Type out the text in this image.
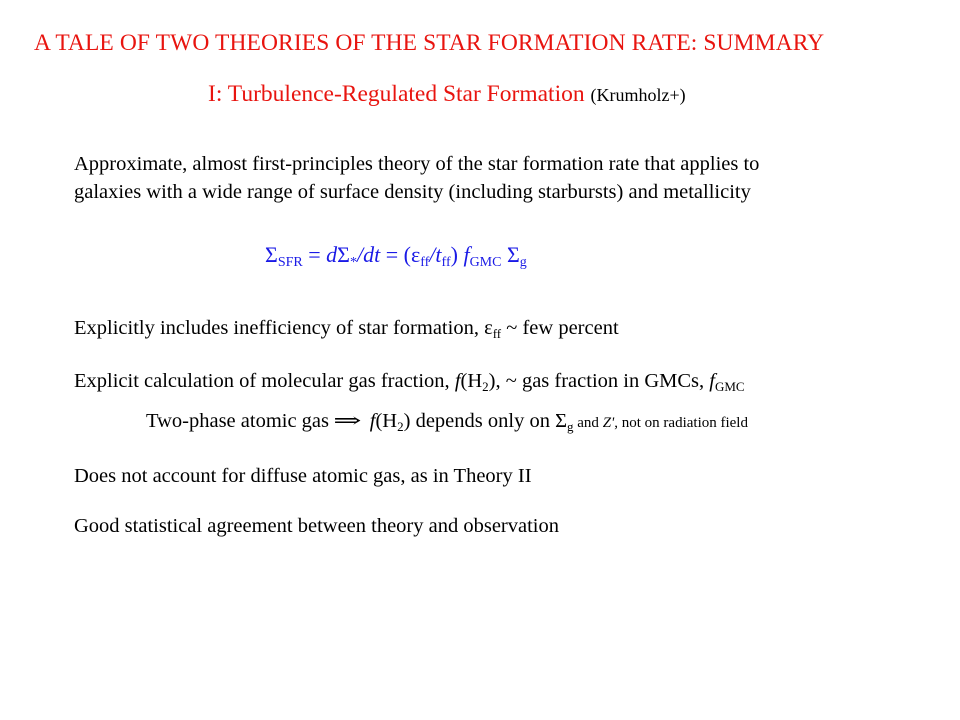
A TALE OF TWO THEORIES OF THE STAR FORMATION RATE: SUMMARY
I: Turbulence-Regulated Star Formation (Krumholz+)
Approximate, almost first-principles theory of the star formation rate that applies to
galaxies with a wide range of surface density (including starbursts) and metallicity
$\Sigma_{SFR} = d\Sigma_*/dt = (\varepsilon_{ff}/t_{ff})$ $f_{GMC}$ $\Sigma_g$
Explicitly includes inefficiency of star formation, $\varepsilon_{ff}$ ~ few percent
Explicit calculation of molecular gas fraction, $f(H_2)$, ~ gas fraction in GMCs, $f_{GMC}$
Two-phase atomic gas ⇒ $f(H_2)$ depends only on $\Sigma_g$ and Z', not on radiation field
Does not account for diffuse atomic gas, as in Theory II
Good statistical agreement between theory and observation
